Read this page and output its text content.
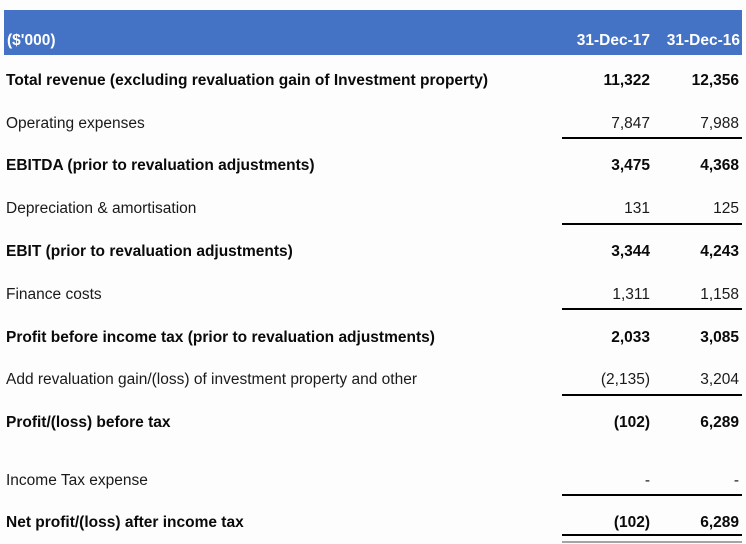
($'000)	31-Dec-17	31-Dec-16
Total revenue (excluding revaluation gain of Investment property)	11,322	12,356
Operating expenses	7,847	7,988
EBITDA (prior to revaluation adjustments)	3,475	4,368
Depreciation & amortisation	131	125
EBIT (prior to revaluation adjustments)	3,344	4,243
Finance costs	1,311	1,158
Profit before income tax (prior to revaluation adjustments)	2,033	3,085
Add revaluation gain/(loss) of investment property and other	(2,135)	3,204
Profit/(loss) before tax	(102)	6,289
Income Tax expense	-	-
Net profit/(loss) after income tax	(102)	6,289
